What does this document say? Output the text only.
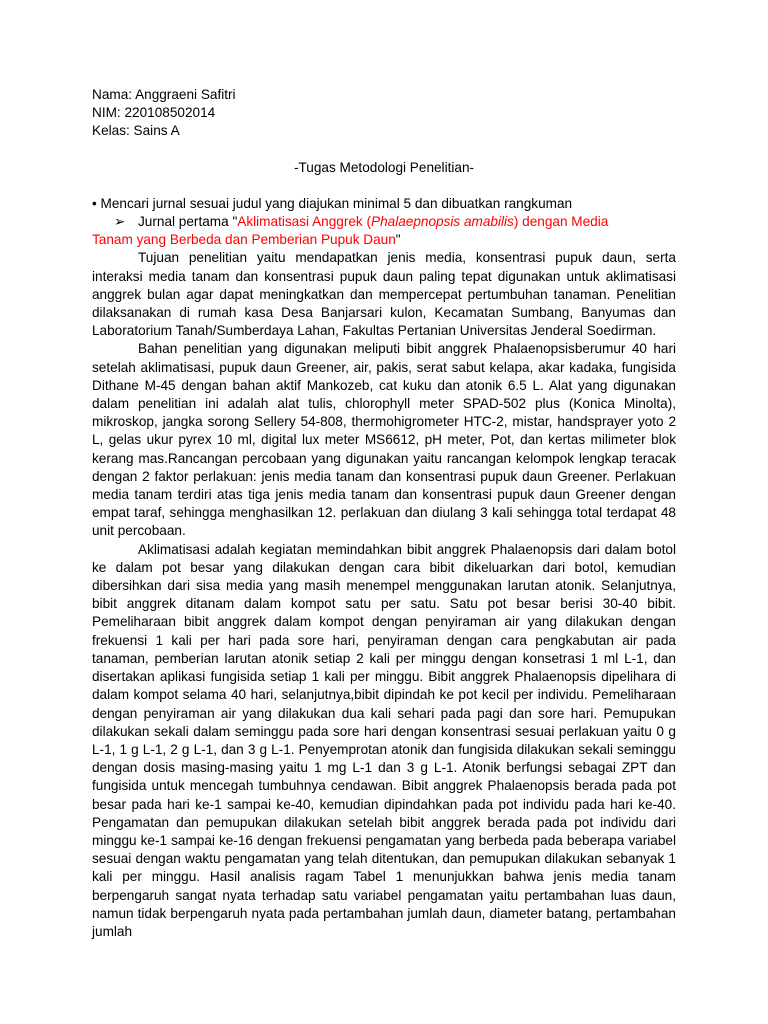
Nama: Anggraeni Safitri
NIM: 220108502014
Kelas: Sains A
-Tugas Metodologi Penelitian-
• Mencari jurnal sesuai judul yang diajukan minimal 5 dan dibuatkan rangkuman
➢ Jurnal pertama "Aklimatisasi Anggrek (Phalaepnopsis amabilis) dengan Media
Tanam yang Berbeda dan Pemberian Pupuk Daun"
Tujuan penelitian yaitu mendapatkan jenis media, konsentrasi pupuk daun, serta interaksi media tanam dan konsentrasi pupuk daun paling tepat digunakan untuk aklimatisasi anggrek bulan agar dapat meningkatkan dan mempercepat pertumbuhan tanaman. Penelitian dilaksanakan di rumah kasa Desa Banjarsari kulon, Kecamatan Sumbang, Banyumas dan Laboratorium Tanah/Sumberdaya Lahan, Fakultas Pertanian Universitas Jenderal Soedirman.
Bahan penelitian yang digunakan meliputi bibit anggrek Phalaenopsisberumur 40 hari setelah aklimatisasi, pupuk daun Greener, air, pakis, serat sabut kelapa, akar kadaka, fungisida Dithane M-45 dengan bahan aktif Mankozeb, cat kuku dan atonik 6.5 L. Alat yang digunakan dalam penelitian ini adalah alat tulis, chlorophyll meter SPAD-502 plus (Konica Minolta), mikroskop, jangka sorong Sellery 54-808, thermohigrometer HTC-2, mistar, handsprayer yoto 2 L, gelas ukur pyrex 10 ml, digital lux meter MS6612, pH meter, Pot, dan kertas milimeter blok kerang mas.Rancangan percobaan yang digunakan yaitu rancangan kelompok lengkap teracak dengan 2 faktor perlakuan: jenis media tanam dan konsentrasi pupuk daun Greener. Perlakuan media tanam terdiri atas tiga jenis media tanam dan konsentrasi pupuk daun Greener dengan empat taraf, sehingga menghasilkan 12. perlakuan dan diulang 3 kali sehingga total terdapat 48 unit percobaan.
Aklimatisasi adalah kegiatan memindahkan bibit anggrek Phalaenopsis dari dalam botol ke dalam pot besar yang dilakukan dengan cara bibit dikeluarkan dari botol, kemudian dibersihkan dari sisa media yang masih menempel menggunakan larutan atonik. Selanjutnya, bibit anggrek ditanam dalam kompot satu per satu. Satu pot besar berisi 30-40 bibit. Pemeliharaan bibit anggrek dalam kompot dengan penyiraman air yang dilakukan dengan frekuensi 1 kali per hari pada sore hari, penyiraman dengan cara pengkabutan air pada tanaman, pemberian larutan atonik setiap 2 kali per minggu dengan konsetrasi 1 ml L-1, dan disertakan aplikasi fungisida setiap 1 kali per minggu. Bibit anggrek Phalaenopsis dipelihara di dalam kompot selama 40 hari, selanjutnya,bibit dipindah ke pot kecil per individu. Pemeliharaan dengan penyiraman air yang dilakukan dua kali sehari pada pagi dan sore hari. Pemupukan dilakukan sekali dalam seminggu pada sore hari dengan konsentrasi sesuai perlakuan yaitu 0 g L-1, 1 g L-1, 2 g L-1, dan 3 g L-1. Penyemprotan atonik dan fungisida dilakukan sekali seminggu dengan dosis masing-masing yaitu 1 mg L-1 dan 3 g L-1. Atonik berfungsi sebagai ZPT dan fungisida untuk mencegah tumbuhnya cendawan. Bibit anggrek Phalaenopsis berada pada pot besar pada hari ke-1 sampai ke-40, kemudian dipindahkan pada pot individu pada hari ke-40. Pengamatan dan pemupukan dilakukan setelah bibit anggrek berada pada pot individu dari minggu ke-1 sampai ke-16 dengan frekuensi pengamatan yang berbeda pada beberapa variabel sesuai dengan waktu pengamatan yang telah ditentukan, dan pemupukan dilakukan sebanyak 1 kali per minggu. Hasil analisis ragam Tabel 1 menunjukkan bahwa jenis media tanam berpengaruh sangat nyata terhadap satu variabel pengamatan yaitu pertambahan luas daun, namun tidak berpengaruh nyata pada pertambahan jumlah daun, diameter batang, pertambahan jumlah
